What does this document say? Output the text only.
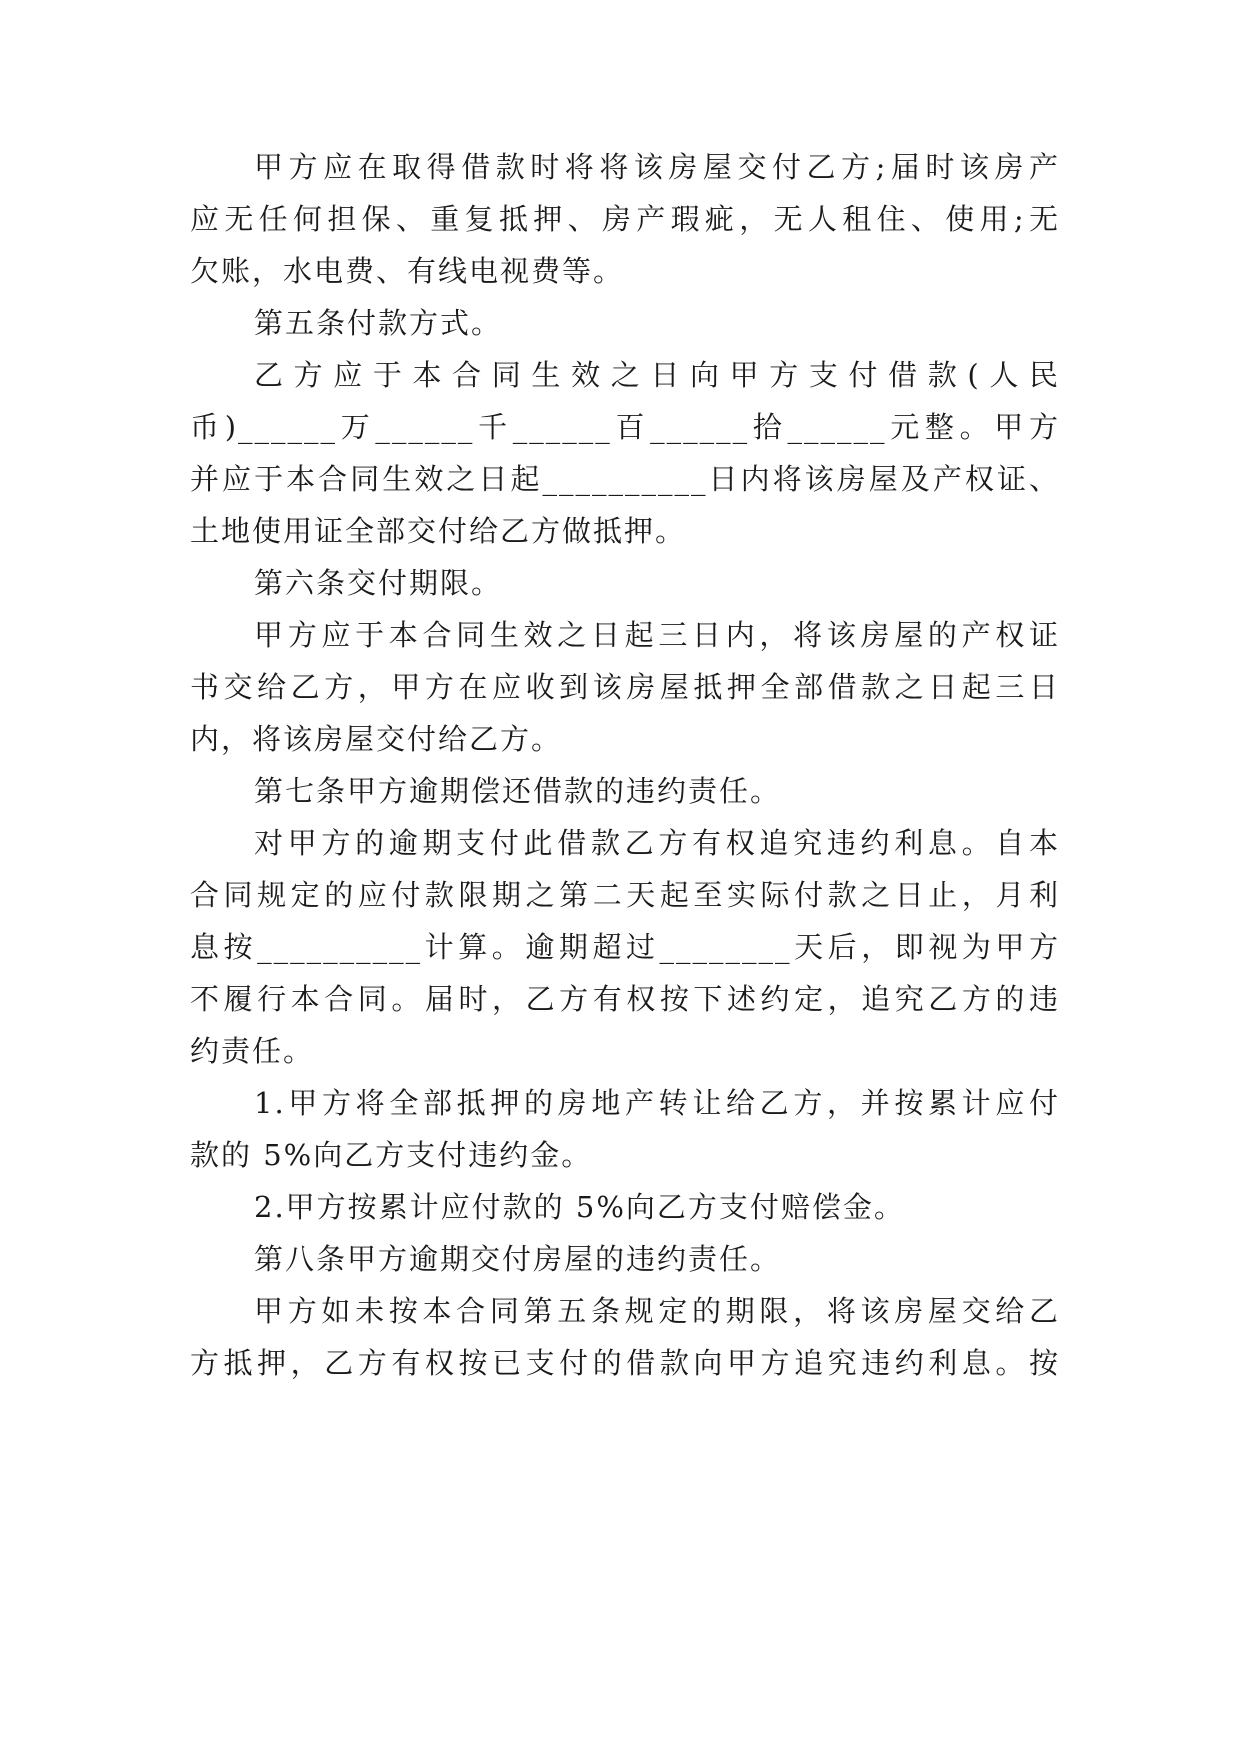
甲方应在取得借款时将将该房屋交付乙方;届时该房产
应无任何担保、重复抵押、房产瑕疵，无人租住、使用;无
欠账，水电费、有线电视费等。
第五条付款方式。
乙方应于本合同生效之日向甲方支付借款(人民
币)______万______千______百______拾______元整。甲方
并应于本合同生效之日起__________日内将该房屋及产权证、
土地使用证全部交付给乙方做抵押。
第六条交付期限。
甲方应于本合同生效之日起三日内，将该房屋的产权证
书交给乙方，甲方在应收到该房屋抵押全部借款之日起三日
内，将该房屋交付给乙方。
第七条甲方逾期偿还借款的违约责任。
对甲方的逾期支付此借款乙方有权追究违约利息。自本
合同规定的应付款限期之第二天起至实际付款之日止，月利
息按__________计算。逾期超过________天后，即视为甲方
不履行本合同。届时，乙方有权按下述约定，追究乙方的违
约责任。
1.甲方将全部抵押的房地产转让给乙方，并按累计应付
款的 5%向乙方支付违约金。
2.甲方按累计应付款的 5%向乙方支付赔偿金。
第八条甲方逾期交付房屋的违约责任。
甲方如未按本合同第五条规定的期限，将该房屋交给乙
方抵押，乙方有权按已支付的借款向甲方追究违约利息。按
